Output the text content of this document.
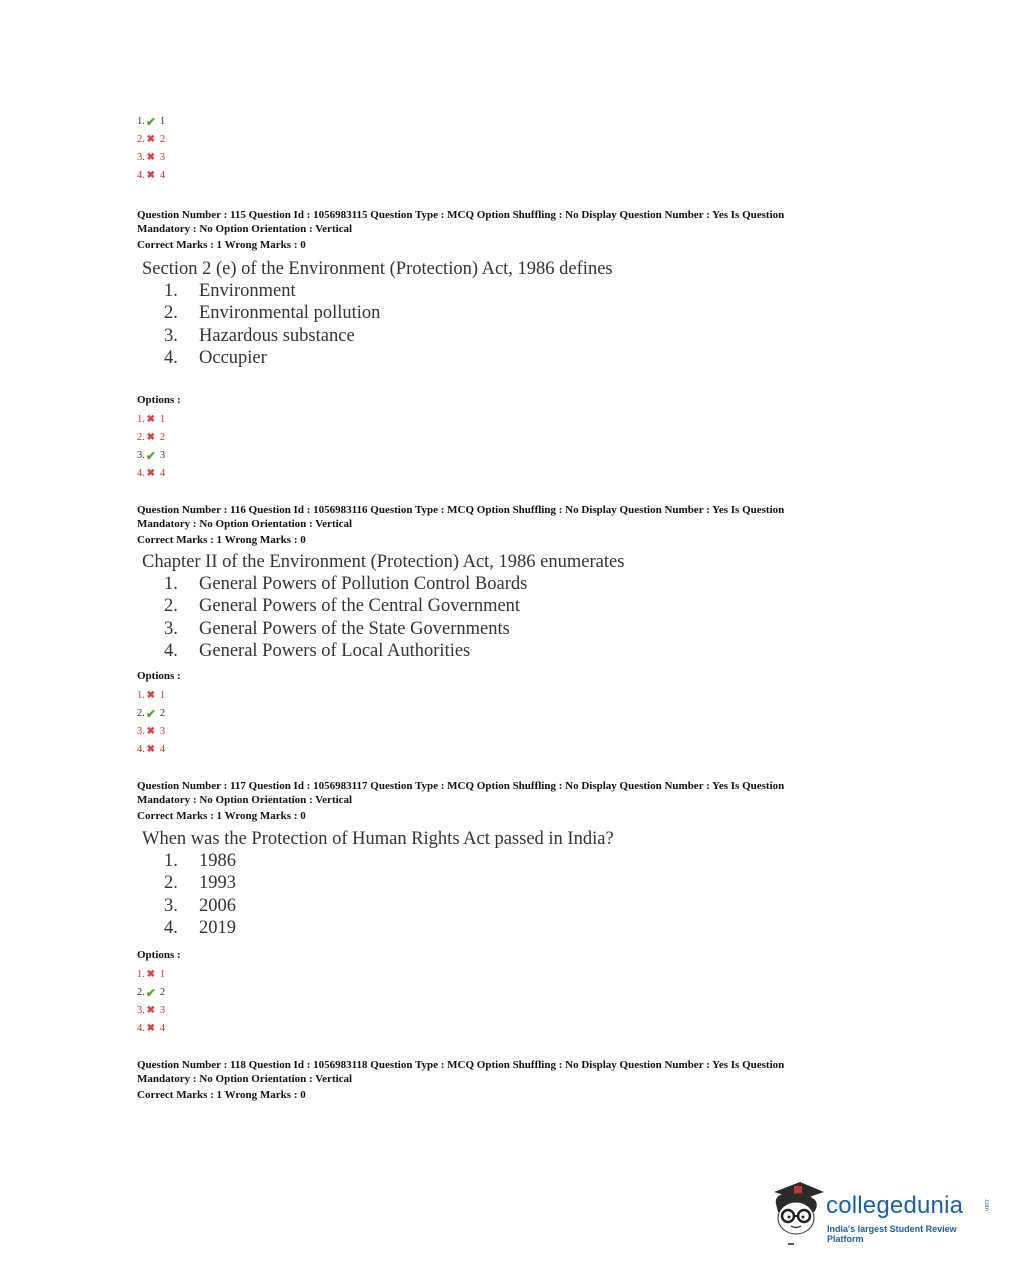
1. ✔ 1
2. ✖ 2
3. ✖ 3
4. ✖ 4
Question Number : 115 Question Id : 1056983115 Question Type : MCQ Option Shuffling : No Display Question Number : Yes Is Question
Mandatory : No Option Orientation : Vertical
Correct Marks : 1 Wrong Marks : 0
Section 2 (e) of the Environment (Protection) Act, 1986 defines
1.	Environment
2.	Environmental pollution
3.	Hazardous substance
4.	Occupier
Options :
1. ✖ 1
2. ✖ 2
3. ✔ 3
4. ✖ 4
Question Number : 116 Question Id : 1056983116 Question Type : MCQ Option Shuffling : No Display Question Number : Yes Is Question
Mandatory : No Option Orientation : Vertical
Correct Marks : 1 Wrong Marks : 0
Chapter II of the Environment (Protection) Act, 1986 enumerates
1.	General Powers of Pollution Control Boards
2.	General Powers of the Central Government
3.	General Powers of the State Governments
4.	General Powers of Local Authorities
Options :
1. ✖ 1
2. ✔ 2
3. ✖ 3
4. ✖ 4
Question Number : 117 Question Id : 1056983117 Question Type : MCQ Option Shuffling : No Display Question Number : Yes Is Question
Mandatory : No Option Orientation : Vertical
Correct Marks : 1 Wrong Marks : 0
When was the Protection of Human Rights Act passed in India?
1.	1986
2.	1993
3.	2006
4.	2019
Options :
1. ✖ 1
2. ✔ 2
3. ✖ 3
4. ✖ 4
Question Number : 118 Question Id : 1056983118 Question Type : MCQ Option Shuffling : No Display Question Number : Yes Is Question
Mandatory : No Option Orientation : Vertical
Correct Marks : 1 Wrong Marks : 0
collegedunia	.com
India's largest Student Review Platform
